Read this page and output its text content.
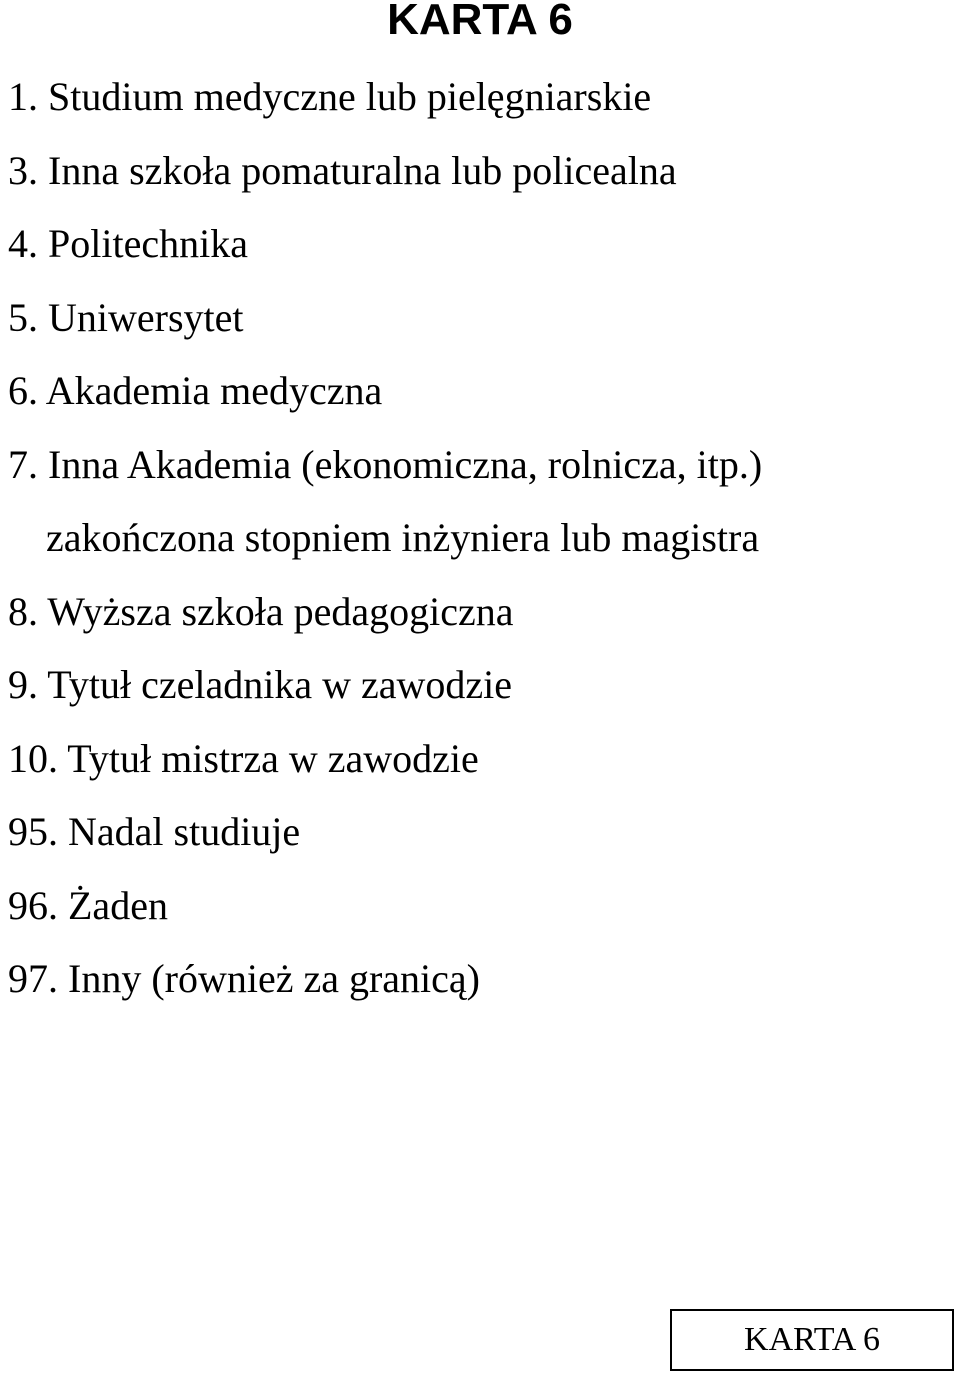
KARTA 6
1. Studium medyczne lub pielęgniarskie
3. Inna szkoła pomaturalna lub policealna
4. Politechnika
5. Uniwersytet
6. Akademia medyczna
7. Inna Akademia (ekonomiczna, rolnicza, itp.)
zakończona stopniem inżyniera lub magistra
8. Wyższa szkoła pedagogiczna
9. Tytuł czeladnika w zawodzie
10. Tytuł mistrza w zawodzie
95. Nadal studiuje
96. Żaden
97. Inny (również za granicą)
KARTA 6
